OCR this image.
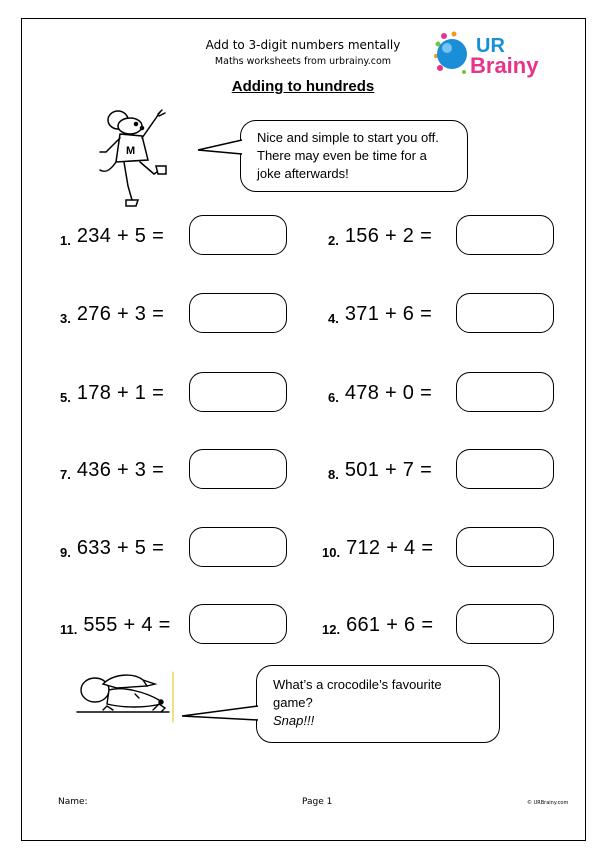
Add to 3-digit numbers mentally
Maths worksheets from urbrainy.com
Adding to hundreds
UR
Brainy
M
Nice and simple to start you off.
There may even be time for a
joke afterwards!
1. 234 + 5 =
3. 276 + 3 =
5. 178 + 1 =
7. 436 + 3 =
9. 633 + 5 =
11. 555 + 4 =
2. 156 + 2 =
4. 371 + 6 =
6. 478 + 0 =
8. 501 + 7 =
10. 712 + 4 =
12. 661 + 6 =
What’s a crocodile’s favourite
game?
Snap!!!
Name:	Page 1	© URBrainy.com
